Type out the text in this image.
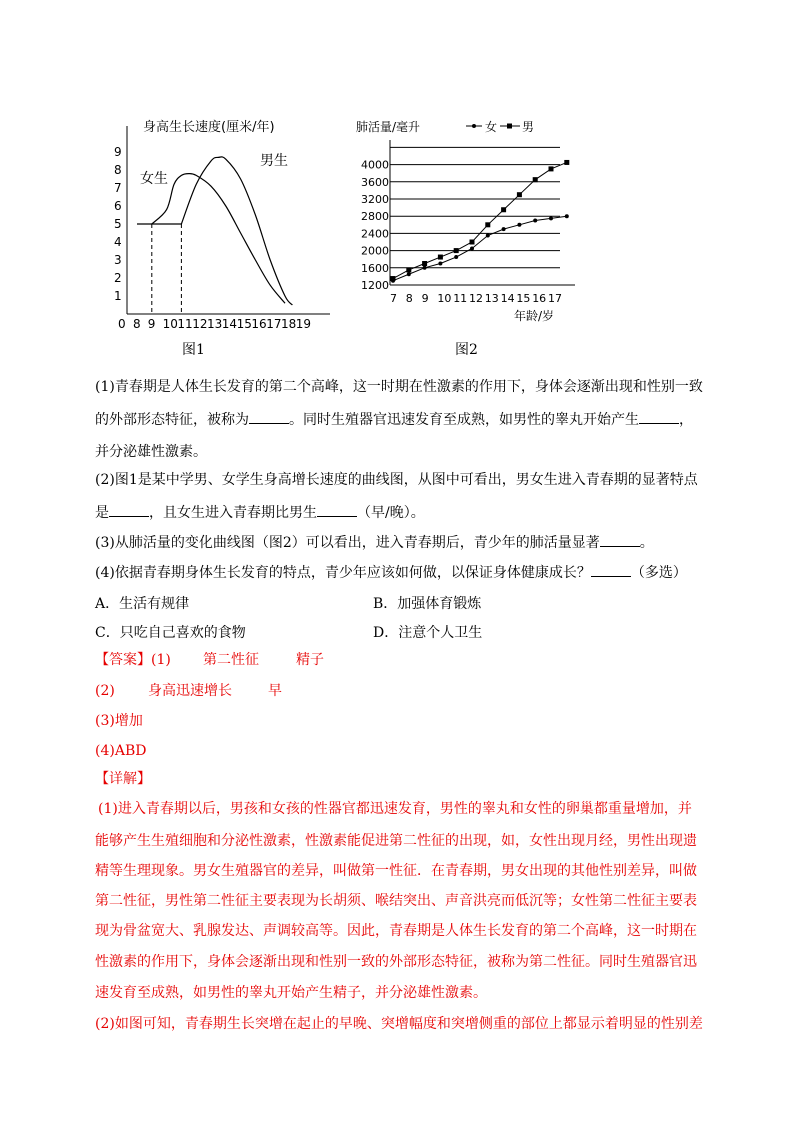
身高生长速度(厘米/年)
1
2
3
4
5
6
7
8
9
0 8 9 10 11 12 13 14 15 16 17 18 19
女生
男生
图1
肺活量/毫升	女 男
1200
1600
2000
2400
2800
3200
3600
4000
7 8 9 10 11 12 13 14 15 16 17
年龄/岁
图2
(1)青春期是人体生长发育的第二个高峰，这一时期在性激素的作用下，身体会逐渐出现和性别一致
的外部形态特征，被称为	。同时生殖器官迅速发育至成熟，如男性的睾丸开始产生	，
并分泌雄性激素。
(2)图1是某中学男、女学生身高增长速度的曲线图，从图中可看出，男女生进入青春期的显著特点
是	，且女生进入青春期比男生	（早/晚）。
(3)从肺活量的变化曲线图（图2）可以看出，进入青春期后，青少年的肺活量显著	。
(4)依据青春期身体生长发育的特点，青少年应该如何做，以保证身体健康成长？	（多选）
A．生活有规律	B．加强体育锻炼
C．只吃自己喜欢的食物	D．注意个人卫生
【答案】(1) 第二性征	精子
(2) 身高迅速增长	早
(3)增加
(4)ABD
【详解】
(1)进入青春期以后，男孩和女孩的性器官都迅速发育，男性的睾丸和女性的卵巢都重量增加，并
能够产生生殖细胞和分泌性激素，性激素能促进第二性征的出现，如，女性出现月经，男性出现遗
精等生理现象。男女生殖器官的差异，叫做第一性征．在青春期，男女出现的其他性别差异，叫做
第二性征，男性第二性征主要表现为长胡须、喉结突出、声音洪亮而低沉等；女性第二性征主要表
现为骨盆宽大、乳腺发达、声调较高等。因此，青春期是人体生长发育的第二个高峰，这一时期在
性激素的作用下，身体会逐渐出现和性别一致的外部形态特征，被称为第二性征。同时生殖器官迅
速发育至成熟，如男性的睾丸开始产生精子，并分泌雄性激素。
(2)如图可知，青春期生长突增在起止的早晚、突增幅度和突增侧重的部位上都显示着明显的性别差
